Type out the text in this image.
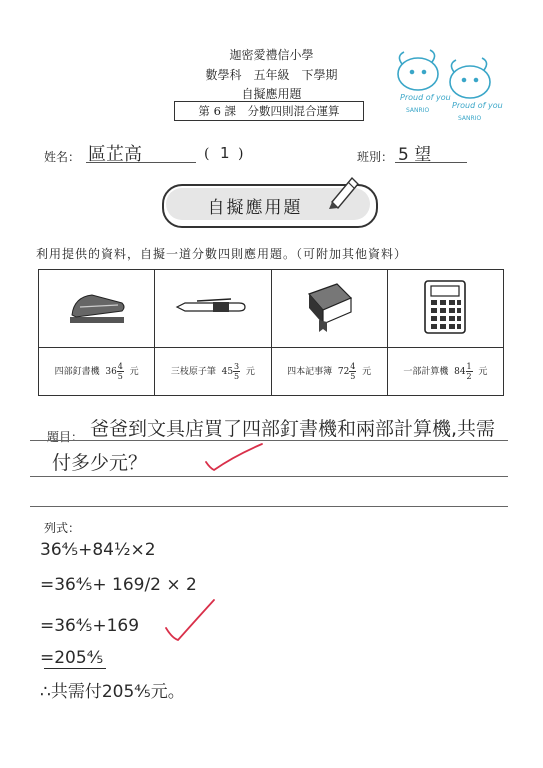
迦密愛禮信小學
數學科　五年級　下學期
自擬應用題
第 6 課　分數四則混合運算
Proud of you
Proud of you
SANRIO
SANRIO
姓名： 區芷高	( 1 )	班別： 5 望
自擬應用題
利用提供的資料，自擬一道分數四則應用題。（可附加其他資料）

四部釘書機 $36 \frac{4}{5}$ 元	三枝原子筆 $45 \frac{3}{5}$ 元	四本記事簿 $72 \frac{4}{5}$ 元	一部計算機 $84 \frac{1}{2}$ 元
題目： 爸爸到文具店買了四部釘書機和兩部計算機,共需
付多少元？
列式：
36⅘+84½×2
=36⅘+ 169/2 × 2
=36⅘+169
=205⅘
∴共需付205⅘元。
